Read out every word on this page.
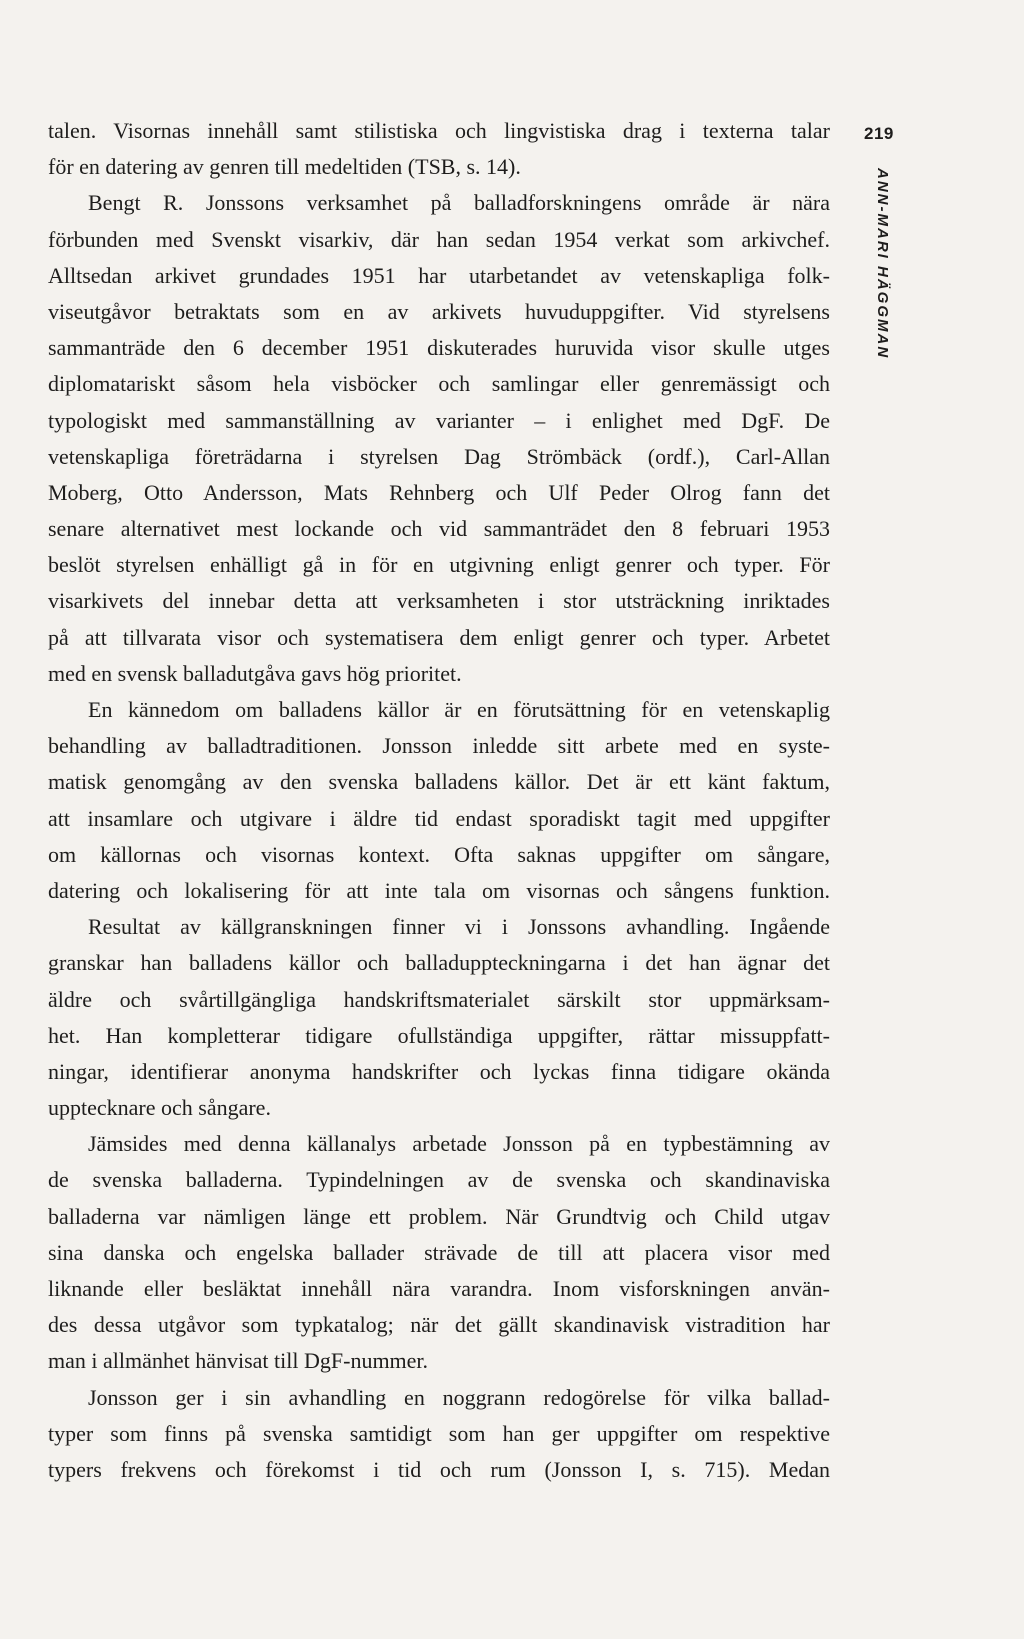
talen. Visornas innehåll samt stilistiska och lingvistiska drag i texterna talar
för en datering av genren till medeltiden (TSB, s. 14).
Bengt R. Jonssons verksamhet på balladforskningens område är nära
förbunden med Svenskt visarkiv, där han sedan 1954 verkat som arkivchef.
Alltsedan arkivet grundades 1951 har utarbetandet av vetenskapliga folk-
viseutgåvor betraktats som en av arkivets huvuduppgifter. Vid styrelsens
sammanträde den 6 december 1951 diskuterades huruvida visor skulle utges
diplomatariskt såsom hela visböcker och samlingar eller genremässigt och
typologiskt med sammanställning av varianter – i enlighet med DgF. De
vetenskapliga företrädarna i styrelsen Dag Strömbäck (ordf.), Carl-Allan
Moberg, Otto Andersson, Mats Rehnberg och Ulf Peder Olrog fann det
senare alternativet mest lockande och vid sammanträdet den 8 februari 1953
beslöt styrelsen enhälligt gå in för en utgivning enligt genrer och typer. För
visarkivets del innebar detta att verksamheten i stor utsträckning inriktades
på att tillvarata visor och systematisera dem enligt genrer och typer. Arbetet
med en svensk balladutgåva gavs hög prioritet.
En kännedom om balladens källor är en förutsättning för en vetenskaplig
behandling av balladtraditionen. Jonsson inledde sitt arbete med en syste-
matisk genomgång av den svenska balladens källor. Det är ett känt faktum,
att insamlare och utgivare i äldre tid endast sporadiskt tagit med uppgifter
om källornas och visornas kontext. Ofta saknas uppgifter om sångare,
datering och lokalisering för att inte tala om visornas och sångens funktion.
Resultat av källgranskningen finner vi i Jonssons avhandling. Ingående
granskar han balladens källor och balladuppteckningarna i det han ägnar det
äldre och svårtillgängliga handskriftsmaterialet särskilt stor uppmärksam-
het. Han kompletterar tidigare ofullständiga uppgifter, rättar missuppfatt-
ningar, identifierar anonyma handskrifter och lyckas finna tidigare okända
upptecknare och sångare.
Jämsides med denna källanalys arbetade Jonsson på en typbestämning av
de svenska balladerna. Typindelningen av de svenska och skandinaviska
balladerna var nämligen länge ett problem. När Grundtvig och Child utgav
sina danska och engelska ballader strävade de till att placera visor med
liknande eller besläktat innehåll nära varandra. Inom visforskningen använ-
des dessa utgåvor som typkatalog; när det gällt skandinavisk vistradition har
man i allmänhet hänvisat till DgF-nummer.
Jonsson ger i sin avhandling en noggrann redogörelse för vilka ballad-
typer som finns på svenska samtidigt som han ger uppgifter om respektive
typers frekvens och förekomst i tid och rum (Jonsson I, s. 715). Medan
219
ANN-MARI HÄGGMAN
